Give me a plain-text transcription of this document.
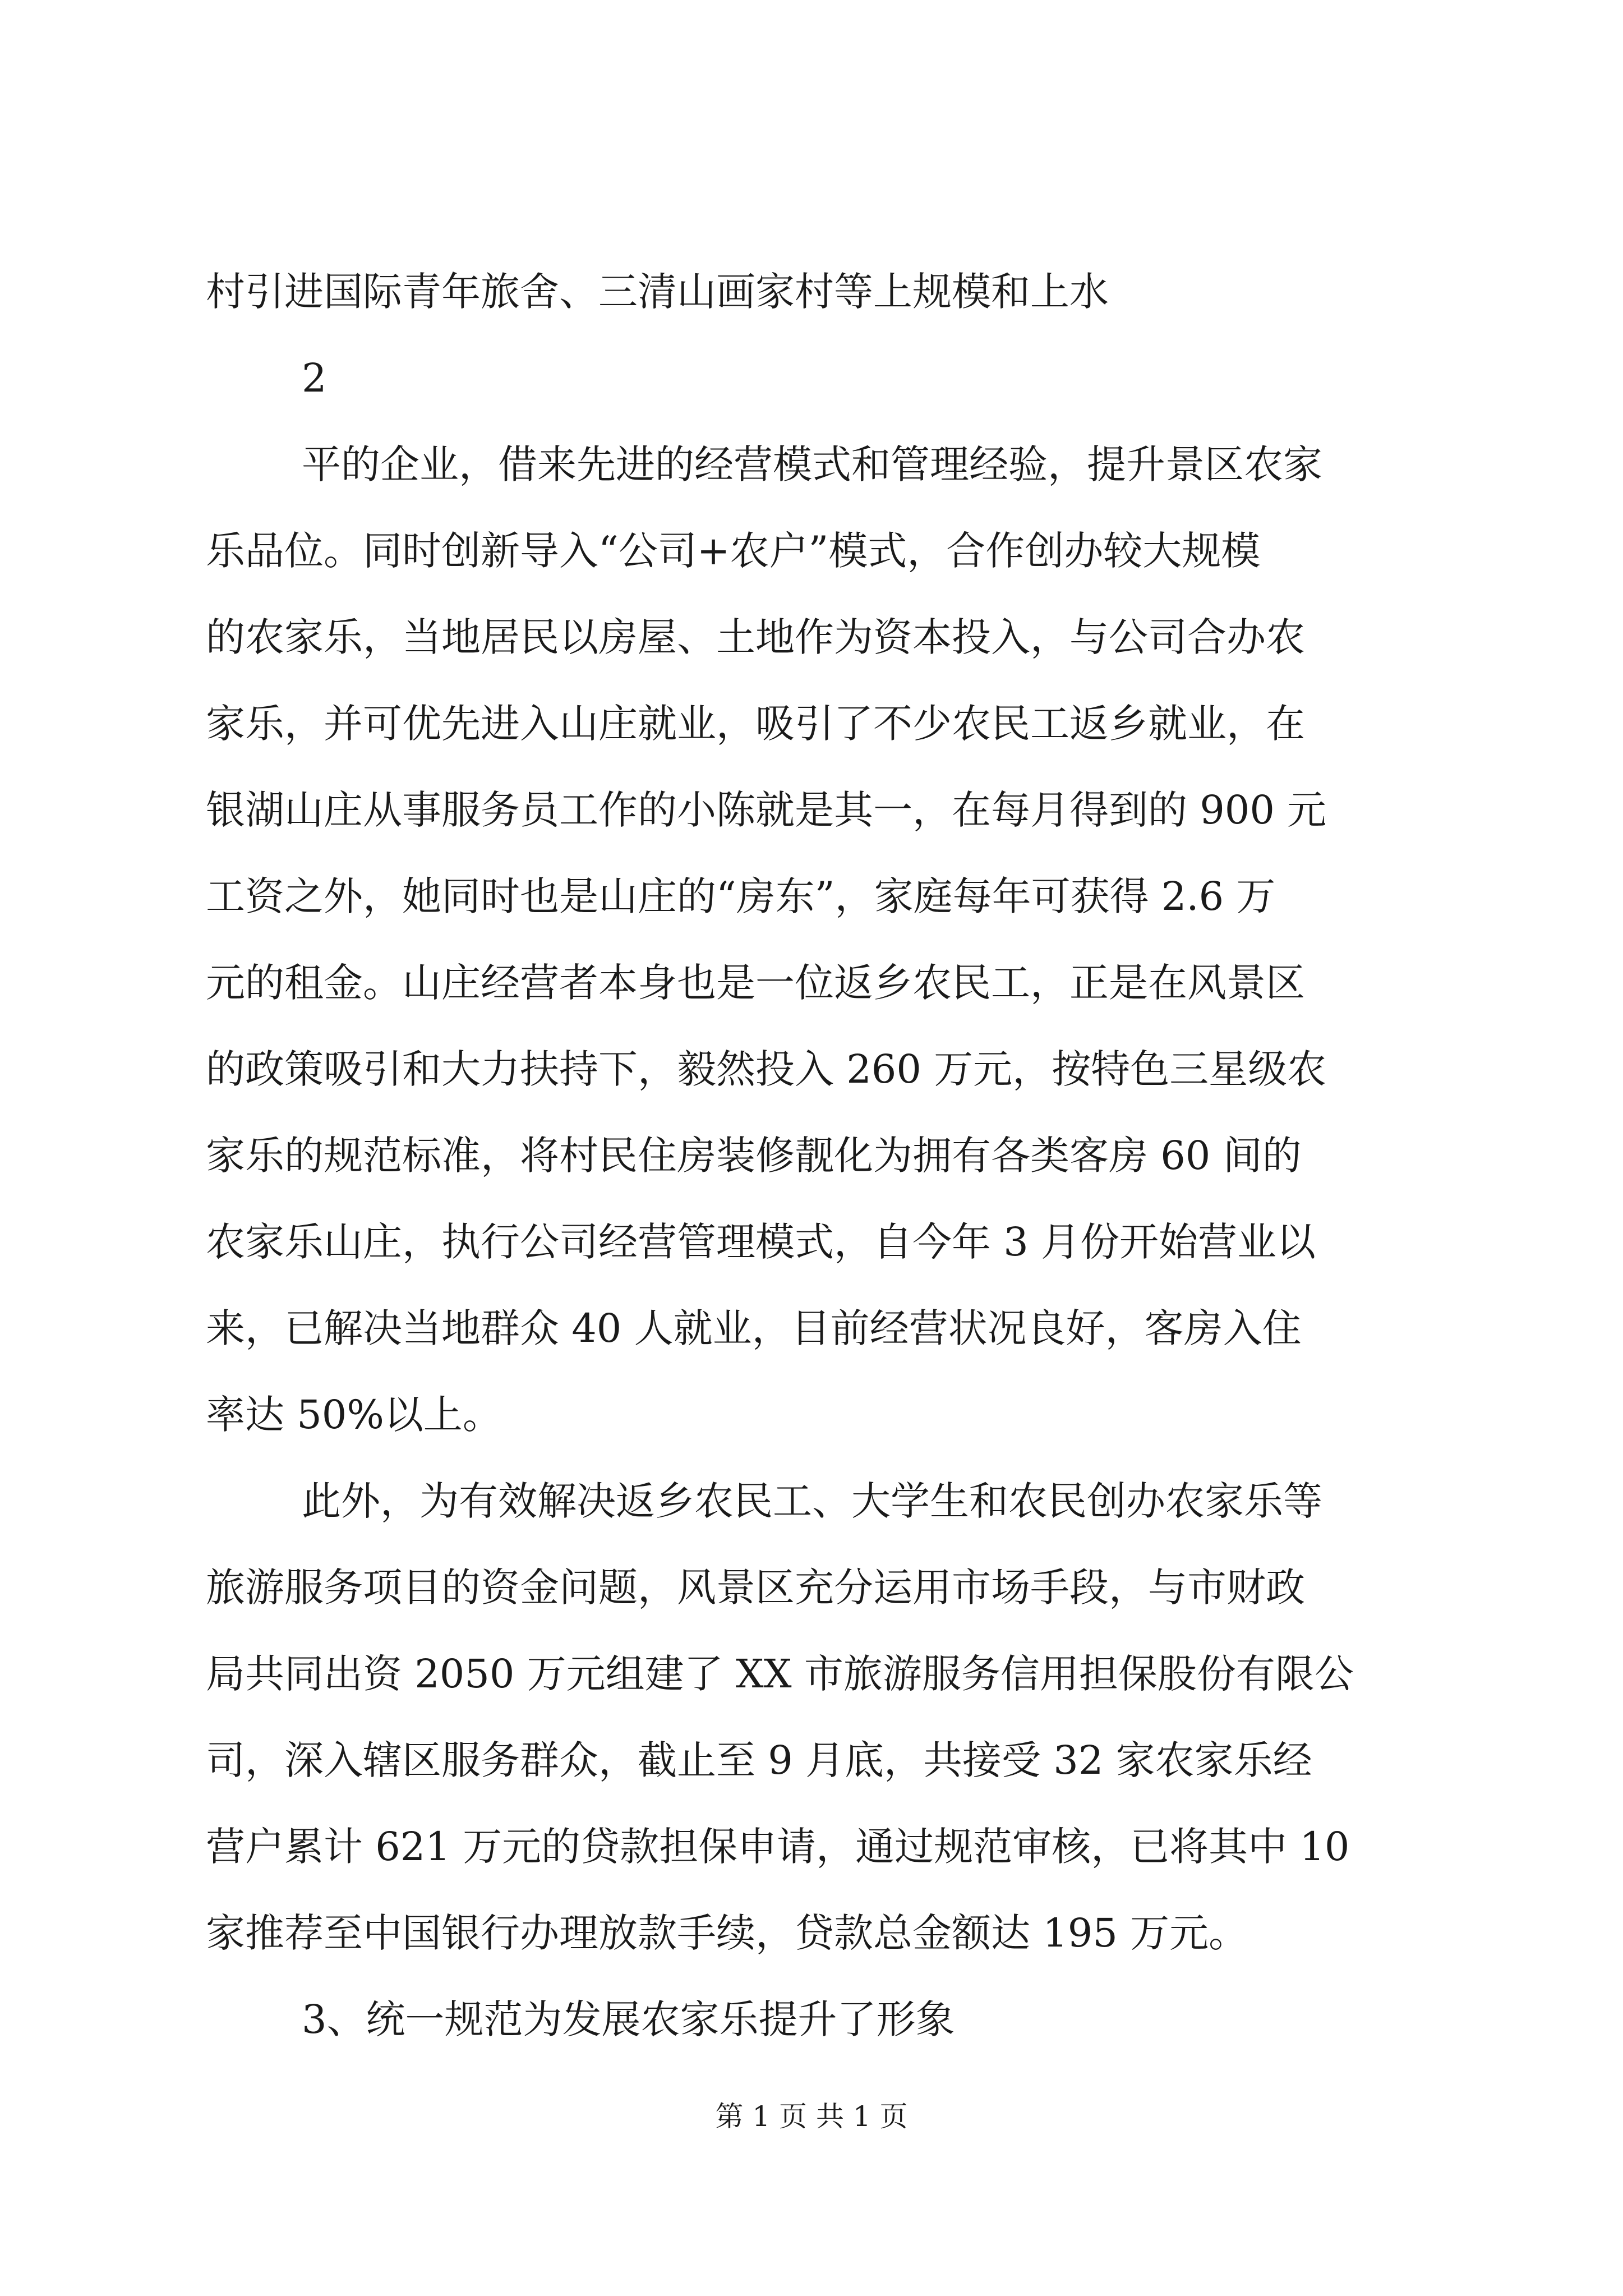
村引进国际青年旅舍、三清山画家村等上规模和上水

2

平的企业，借来先进的经营模式和管理经验，提升景区农家

乐品位。同时创新导入“公司+农户”模式，合作创办较大规模

的农家乐，当地居民以房屋、土地作为资本投入，与公司合办农

家乐，并可优先进入山庄就业，吸引了不少农民工返乡就业，在

银湖山庄从事服务员工作的小陈就是其一，在每月得到的 900 元

工资之外，她同时也是山庄的“房东”，家庭每年可获得 2.6 万

元的租金。山庄经营者本身也是一位返乡农民工，正是在风景区

的政策吸引和大力扶持下，毅然投入 260 万元，按特色三星级农

家乐的规范标准，将村民住房装修靓化为拥有各类客房 60 间的

农家乐山庄，执行公司经营管理模式，自今年 3 月份开始营业以

来，已解决当地群众 40 人就业，目前经营状况良好，客房入住

率达 50%以上。

此外，为有效解决返乡农民工、大学生和农民创办农家乐等

旅游服务项目的资金问题，风景区充分运用市场手段，与市财政

局共同出资 2050 万元组建了 XX 市旅游服务信用担保股份有限公

司，深入辖区服务群众，截止至 9 月底，共接受 32 家农家乐经

营户累计 621 万元的贷款担保申请，通过规范审核，已将其中 10

家推荐至中国银行办理放款手续，贷款总金额达 195 万元。

3、统一规范为发展农家乐提升了形象

第 1 页 共 1 页
